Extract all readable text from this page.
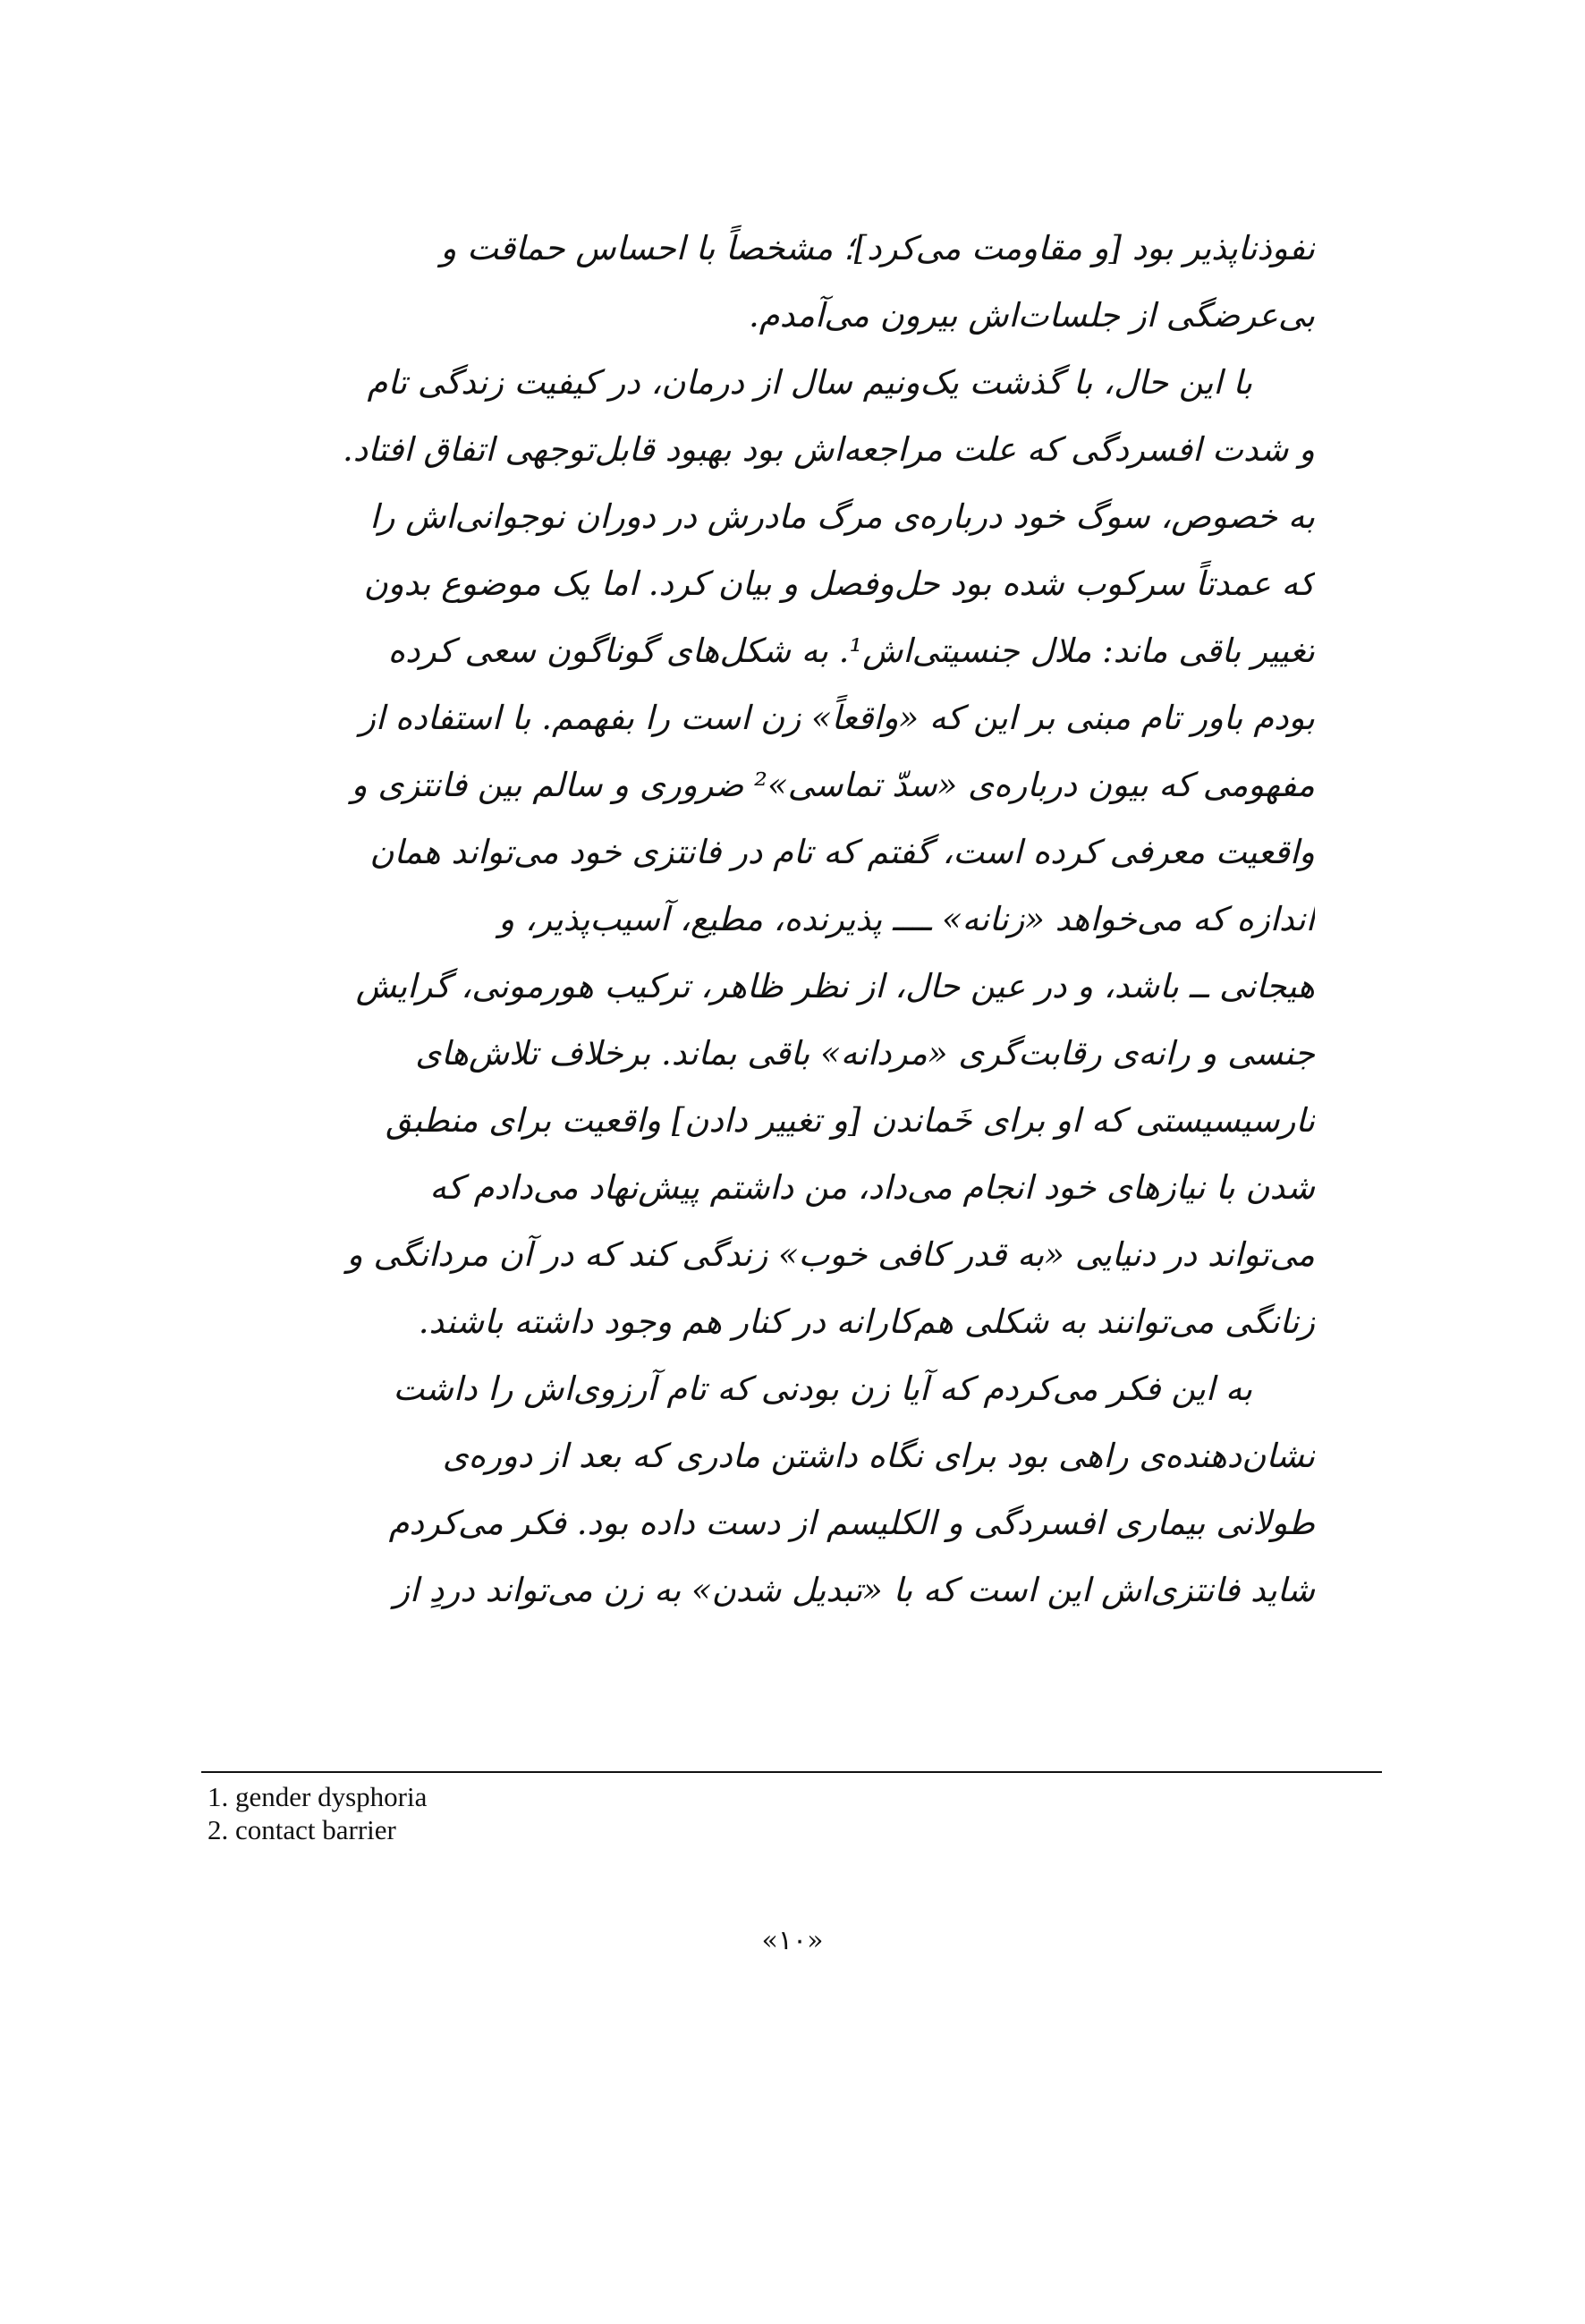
نفوذناپذیر بود [و مقاومت می‌کرد]؛ مشخصاً با احساس حماقت و
بی‌عرضگی از جلسات‌اش بیرون می‌آمدم.
با این حال، با گذشت یک‌ونیم سال از درمان، در کیفیت زندگی تام
و شدت افسردگی که علت مراجعه‌اش بود بهبود قابل‌توجهی اتفاق افتاد.
به خصوص، سوگ خود درباره‌ی مرگ مادرش در دوران نوجوانی‌اش را
که عمدتاً سرکوب شده بود حل‌وفصل و بیان کرد. اما یک موضوع بدون
تغییر باقی ماند: ملال جنسیتی‌اش¹. به شکل‌های گوناگون سعی کرده
بودم باور تام مبنی بر این که «واقعاً» زن است را بفهمم. با استفاده از
مفهومی که بیون درباره‌ی «سدّ تماسی»² ضروری و سالم بین فانتزی و
واقعیت معرفی کرده است، گفتم که تام در فانتزی خود می‌تواند همان
اندازه که می‌خواهد «زنانه» ــــ پذیرنده، مطیع، آسیب‌پذیر، و
هیجانی ــ باشد، و در عین حال، از نظر ظاهر، ترکیب هورمونی، گرایش
جنسی و رانه‌ی رقابت‌گری «مردانه» باقی بماند. برخلاف تلاش‌های
نارسیسیستی که او برای خَماندن [و تغییر دادن] واقعیت برای منطبق
شدن با نیازهای خود انجام می‌داد، من داشتم پیش‌نهاد می‌دادم که
می‌تواند در دنیایی «به قدر کافی خوب» زندگی کند که در آن مردانگی و
زنانگی می‌توانند به شکلی هم‌کارانه در کنار هم وجود داشته باشند.
به این فکر می‌کردم که آیا زن بودنی که تام آرزوی‌اش را داشت
نشان‌دهنده‌ی راهی بود برای نگاه داشتن مادری که بعد از دوره‌ی
طولانی بیماری افسردگی و الکلیسم از دست داده بود. فکر می‌کردم
شاید فانتزی‌اش این است که با «تبدیل شدن» به زن می‌تواند دردِ از
1. gender dysphoria
2. contact barrier
«۱۰»
